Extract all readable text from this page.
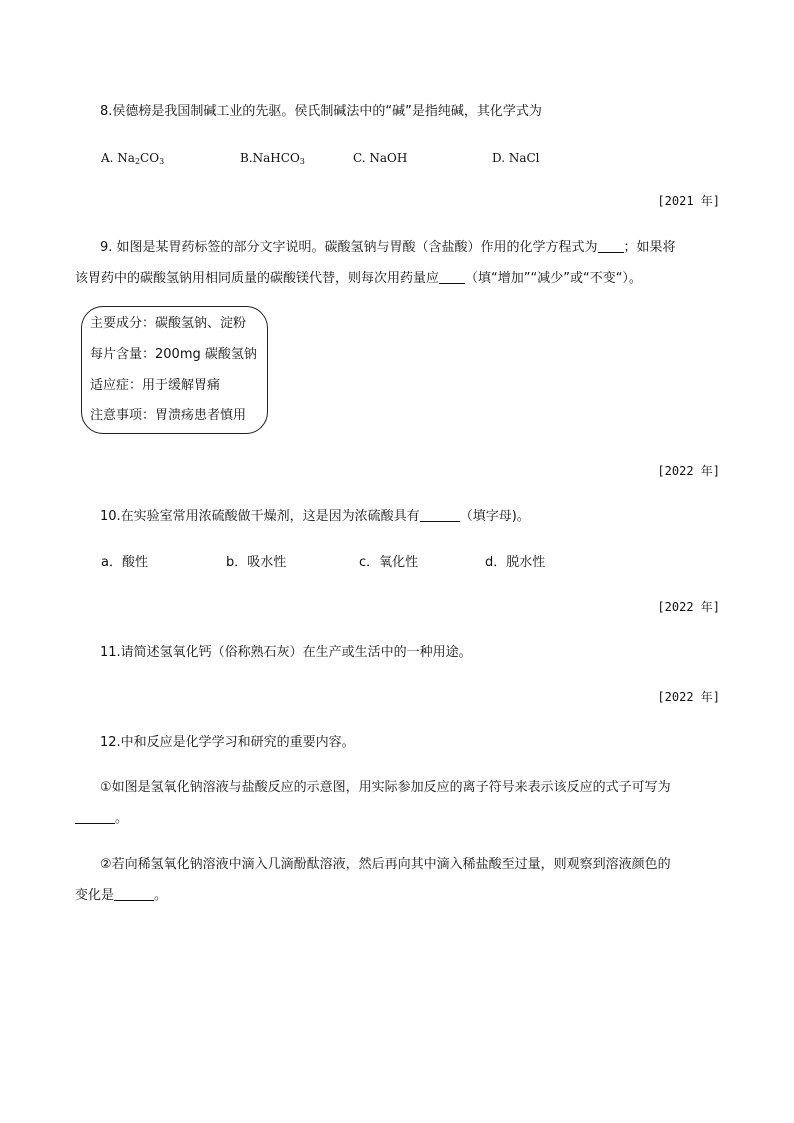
8.侯德榜是我国制碱工业的先驱。侯氏制碱法中的“碱”是指纯碱，其化学式为
A. $Na_2CO_3$	B.NaHCO$_3$	C. NaOH	D. NaCl
[2021 年]
9. 如图是某胃药标签的部分文字说明。碳酸氢钠与胃酸（含盐酸）作用的化学方程式为 ；如果将
该胃药中的碳酸氢钠用相同质量的碳酸镁代替，则每次用药量应 （填“增加”“减少”或“不变“）。
主要成分：碳酸氢钠、淀粉
每片含量：200mg 碳酸氢钠
适应症：用于缓解胃痛
注意事项：胃溃疡患者慎用
[2022 年]
10.在实验室常用浓硫酸做干燥剂，这是因为浓硫酸具有	（填字母)。
a．酸性	b．吸水性	c．氧化性	d．脱水性
[2022 年]
11.请简述氢氧化钙（俗称熟石灰）在生产或生活中的一种用途。
[2022 年]
12.中和反应是化学学习和研究的重要内容。
①如图是氢氧化钠溶液与盐酸反应的示意图，用实际参加反应的离子符号来表示该反应的式子可写为
。
②若向稀氢氧化钠溶液中滴入几滴酚酞溶液，然后再向其中滴入稀盐酸至过量，则观察到溶液颜色的
变化是	。
